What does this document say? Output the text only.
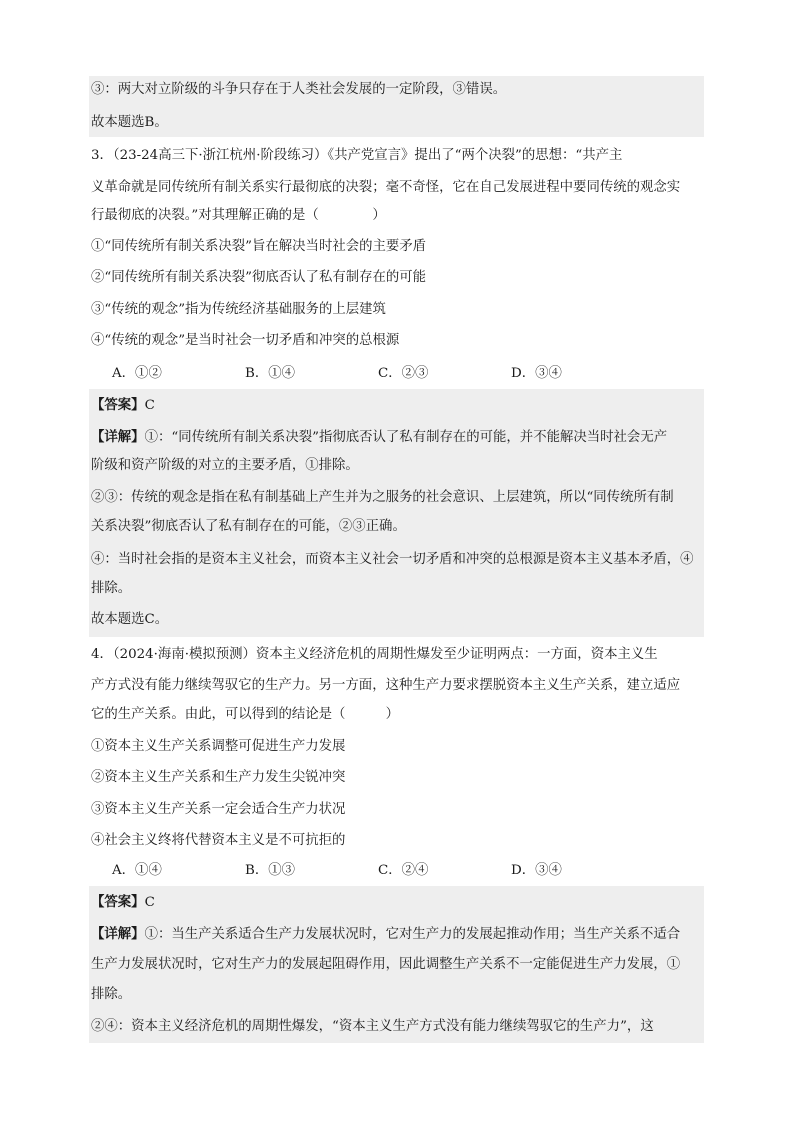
③：两大对立阶级的斗争只存在于人类社会发展的一定阶段，③错误。
故本题选B。
3．（23-24高三下·浙江杭州·阶段练习）《共产党宣言》提出了“两个决裂”的思想：“共产主
义革命就是同传统所有制关系实行最彻底的决裂；毫不奇怪，它在自己发展进程中要同传统的观念实
行最彻底的决裂。”对其理解正确的是（　　　　）
①“同传统所有制关系决裂”旨在解决当时社会的主要矛盾
②“同传统所有制关系决裂”彻底否认了私有制存在的可能
③“传统的观念”指为传统经济基础服务的上层建筑
④“传统的观念”是当时社会一切矛盾和冲突的总根源
A．①②	B．①④	C．②③	D．③④
【答案】C
【详解】①：“同传统所有制关系决裂”指彻底否认了私有制存在的可能，并不能解决当时社会无产
阶级和资产阶级的对立的主要矛盾，①排除。
②③：传统的观念是指在私有制基础上产生并为之服务的社会意识、上层建筑，所以“同传统所有制
关系决裂”彻底否认了私有制存在的可能，②③正确。
④：当时社会指的是资本主义社会，而资本主义社会一切矛盾和冲突的总根源是资本主义基本矛盾，④
排除。
故本题选C。
4．（2024·海南·模拟预测）资本主义经济危机的周期性爆发至少证明两点：一方面，资本主义生
产方式没有能力继续驾驭它的生产力。另一方面，这种生产力要求摆脱资本主义生产关系，建立适应
它的生产关系。由此，可以得到的结论是（　　　）
①资本主义生产关系调整可促进生产力发展
②资本主义生产关系和生产力发生尖锐冲突
③资本主义生产关系一定会适合生产力状况
④社会主义终将代替资本主义是不可抗拒的
A．①④	B．①③	C．②④	D．③④
【答案】C
【详解】①：当生产关系适合生产力发展状况时，它对生产力的发展起推动作用；当生产关系不适合
生产力发展状况时，它对生产力的发展起阻碍作用，因此调整生产关系不一定能促进生产力发展，①
排除。
②④：资本主义经济危机的周期性爆发，“资本主义生产方式没有能力继续驾驭它的生产力”，这
